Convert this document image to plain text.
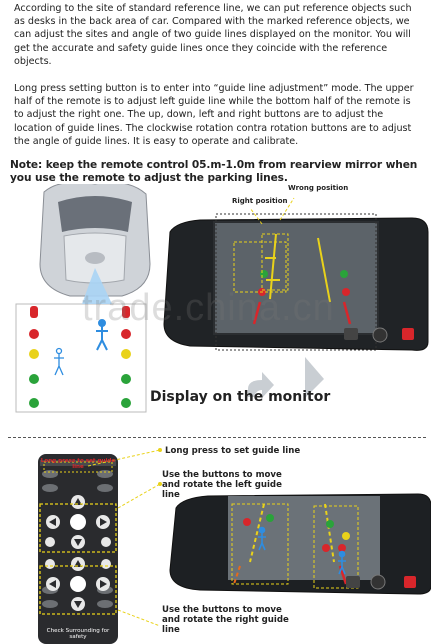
According to the site of standard reference line, we can put reference objects such as desks in the back area of car. Compared with the marked reference objects, we can adjust the sites and angle of two guide lines displayed on the monitor. You will get the accurate and safety guide lines once they coincide with the reference objects.

Long press setting button is to enter into “guide line adjustment” mode. The upper half of the remote is to adjust left guide line while the bottom half of the remote is to adjust the right one. The up, down, left and right buttons are to adjust the location of guide lines. The clockwise rotation contra rotation buttons are to adjust the angle of guide lines. It is easy to operate and calibrate.

Note: keep the remote control 05.m-1.0m from rearview mirror when you use the remote to adjust the parking lines.
Wrong position
Right position
Display on the monitor
trade.china.cn
Long press to set guide line
Use the buttons to move and rotate the left guide line
Use the buttons to move and rotate the right guide line
Long press to set guide line
Check Surrounding for safety
